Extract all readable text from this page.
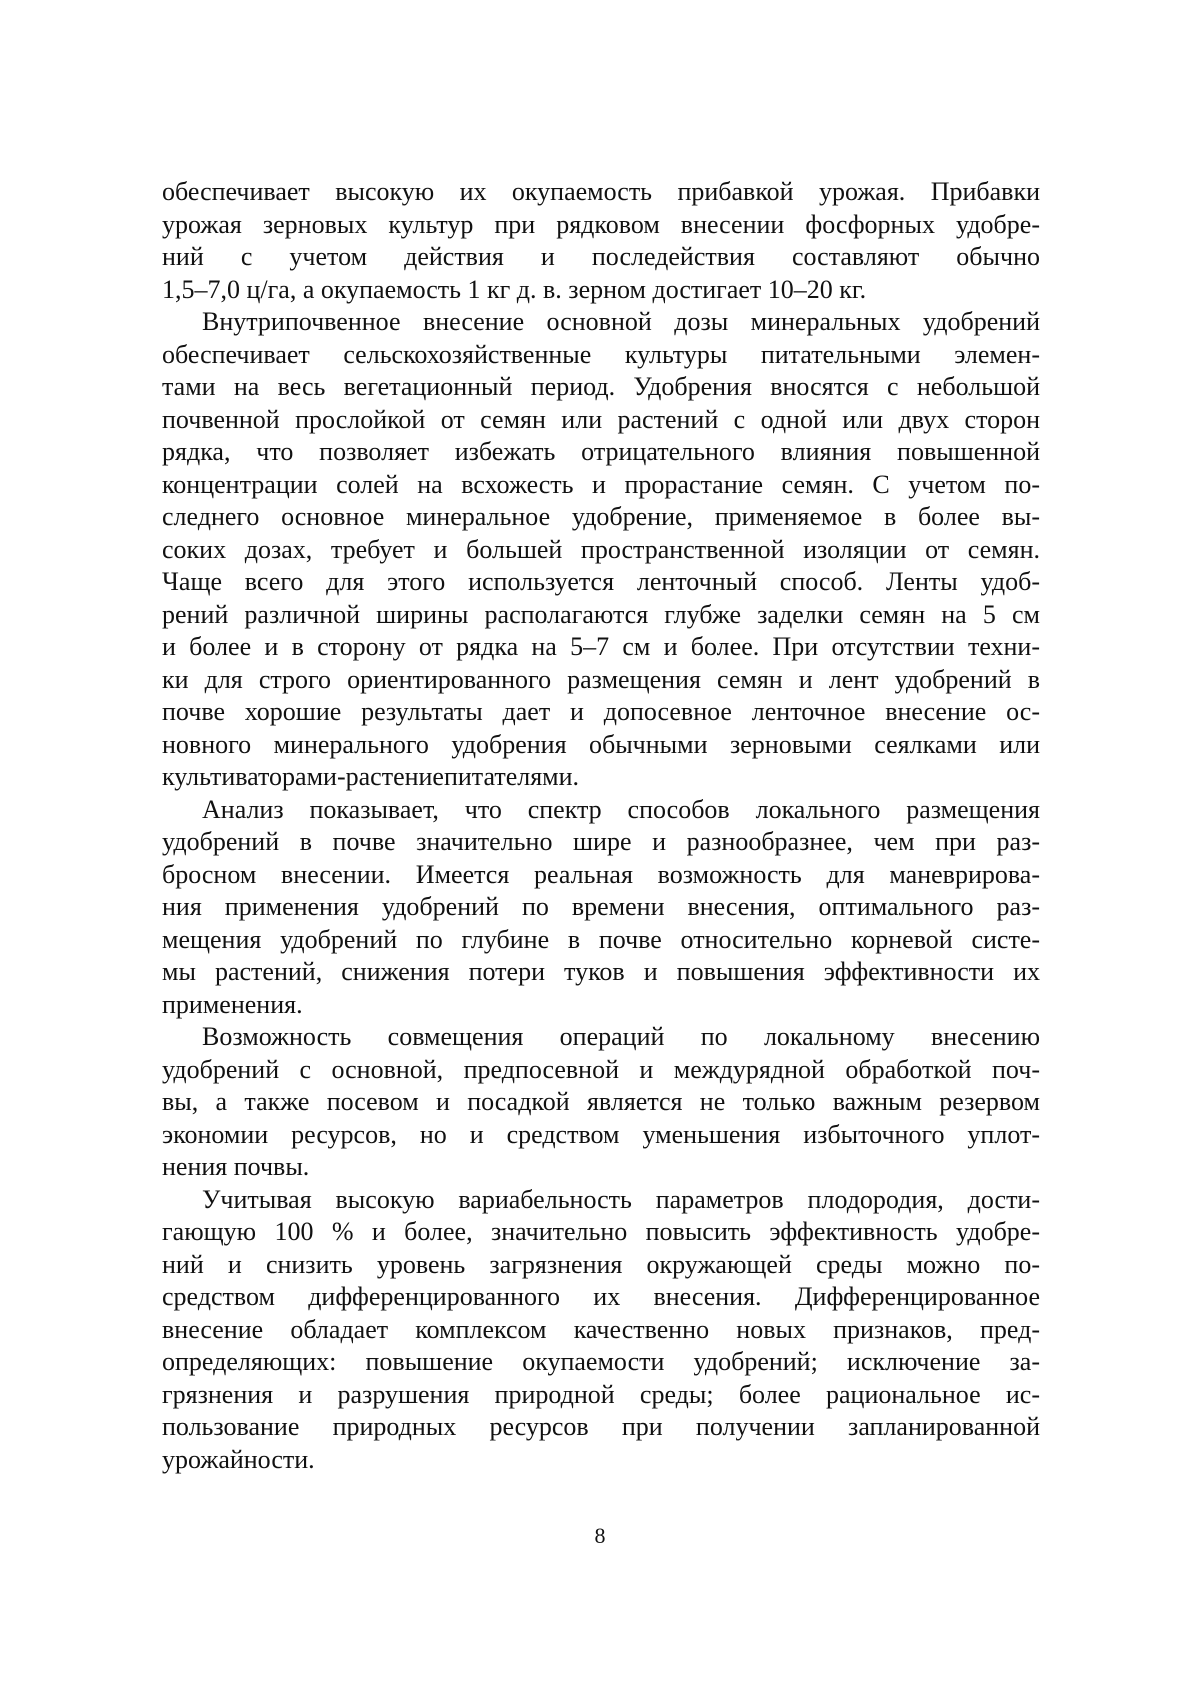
обеспечивает высокую их окупаемость прибавкой урожая. Прибавки
урожая зерновых культур при рядковом внесении фосфорных удобре-
ний с учетом действия и последействия составляют обычно
1,5–7,0 ц/га, а окупаемость 1 кг д. в. зерном достигает 10–20 кг.
Внутрипочвенное внесение основной дозы минеральных удобрений
обеспечивает сельскохозяйственные культуры питательными элемен-
тами на весь вегетационный период. Удобрения вносятся с небольшой
почвенной прослойкой от семян или растений с одной или двух сторон
рядка, что позволяет избежать отрицательного влияния повышенной
концентрации солей на всхожесть и прорастание семян. С учетом по-
следнего основное минеральное удобрение, применяемое в более вы-
соких дозах, требует и большей пространственной изоляции от семян.
Чаще всего для этого используется ленточный способ. Ленты удоб-
рений различной ширины располагаются глубже заделки семян на 5 см
и более и в сторону от рядка на 5–7 см и более. При отсутствии техни-
ки для строго ориентированного размещения семян и лент удобрений в
почве хорошие результаты дает и допосевное ленточное внесение ос-
новного минерального удобрения обычными зерновыми сеялками или
культиваторами-растениепитателями.
Анализ показывает, что спектр способов локального размещения
удобрений в почве значительно шире и разнообразнее, чем при раз-
бросном внесении. Имеется реальная возможность для маневрирова-
ния применения удобрений по времени внесения, оптимального раз-
мещения удобрений по глубине в почве относительно корневой систе-
мы растений, снижения потери туков и повышения эффективности их
применения.
Возможность совмещения операций по локальному внесению
удобрений с основной, предпосевной и междурядной обработкой поч-
вы, а также посевом и посадкой является не только важным резервом
экономии ресурсов, но и средством уменьшения избыточного уплот-
нения почвы.
Учитывая высокую вариабельность параметров плодородия, дости-
гающую 100 % и более, значительно повысить эффективность удобре-
ний и снизить уровень загрязнения окружающей среды можно по-
средством дифференцированного их внесения. Дифференцированное
внесение обладает комплексом качественно новых признаков, пред-
определяющих: повышение окупаемости удобрений; исключение за-
грязнения и разрушения природной среды; более рациональное ис-
пользование природных ресурсов при получении запланированной
урожайности.
8
